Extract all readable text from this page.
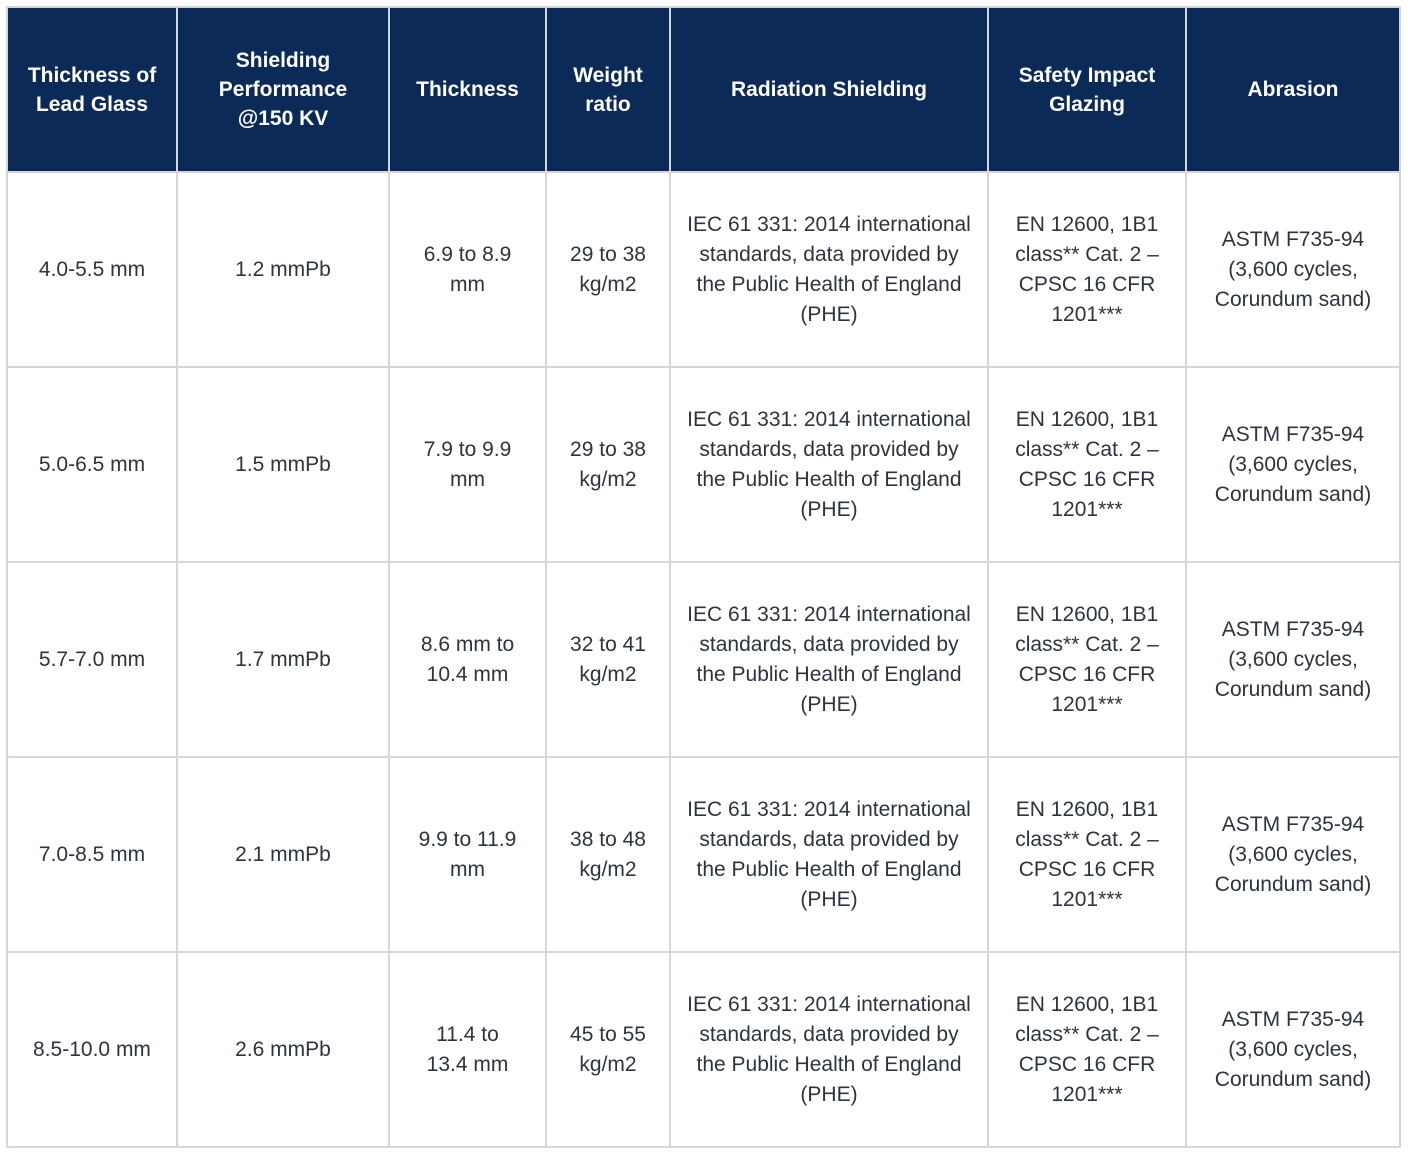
Thickness of Lead Glass	Shielding Performance @150 KV	Thickness	Weight ratio	Radiation Shielding	Safety Impact Glazing	Abrasion
4.0-5.5 mm	1.2 mmPb	6.9 to 8.9 mm	29 to 38 kg/m2	IEC 61 331: 2014 international standards, data provided by the Public Health of England (PHE)	EN 12600, 1B1 class** Cat. 2 – CPSC 16 CFR 1201***	ASTM F735-94 (3,600 cycles, Corundum sand)
5.0-6.5 mm	1.5 mmPb	7.9 to 9.9 mm	29 to 38 kg/m2	IEC 61 331: 2014 international standards, data provided by the Public Health of England (PHE)	EN 12600, 1B1 class** Cat. 2 – CPSC 16 CFR 1201***	ASTM F735-94 (3,600 cycles, Corundum sand)
5.7-7.0 mm	1.7 mmPb	8.6 mm to 10.4 mm	32 to 41 kg/m2	IEC 61 331: 2014 international standards, data provided by the Public Health of England (PHE)	EN 12600, 1B1 class** Cat. 2 – CPSC 16 CFR 1201***	ASTM F735-94 (3,600 cycles, Corundum sand)
7.0-8.5 mm	2.1 mmPb	9.9 to 11.9 mm	38 to 48 kg/m2	IEC 61 331: 2014 international standards, data provided by the Public Health of England (PHE)	EN 12600, 1B1 class** Cat. 2 – CPSC 16 CFR 1201***	ASTM F735-94 (3,600 cycles, Corundum sand)
8.5-10.0 mm	2.6 mmPb	11.4 to 13.4 mm	45 to 55 kg/m2	IEC 61 331: 2014 international standards, data provided by the Public Health of England (PHE)	EN 12600, 1B1 class** Cat. 2 – CPSC 16 CFR 1201***	ASTM F735-94 (3,600 cycles, Corundum sand)
